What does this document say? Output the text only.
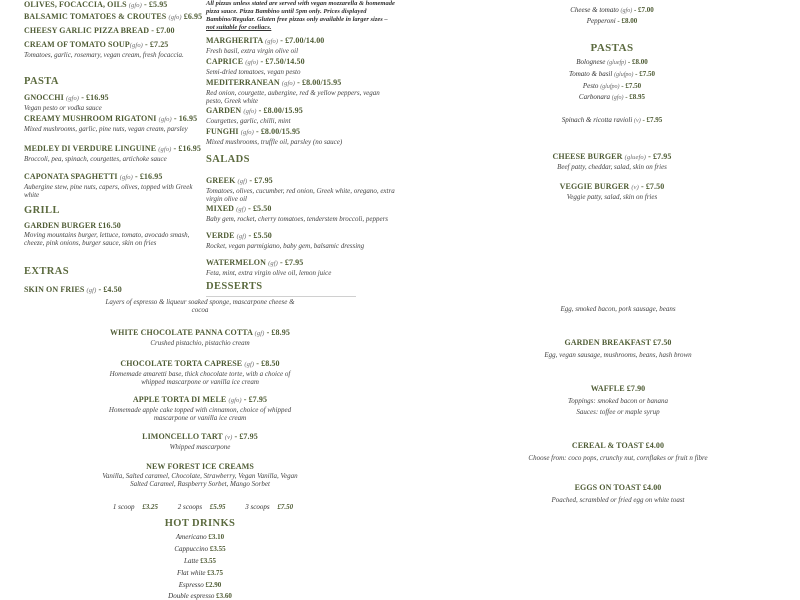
OLIVES, FOCACCIA, OILS (gfo) - £5.95
BALSAMIC TOMATOES & CROUTES (gfo) £6.95
CHEESY GARLIC PIZZA BREAD - £7.00
CREAM OF TOMATO SOUP(gfo) - £7.25
Tomatoes, garlic, rosemary, vegan cream, fresh focaccia.
PASTA
GNOCCHI (gfo) - £16.95
Vegan pesto or vodka sauce
CREAMY MUSHROOM RIGATONI (gfo) - 16.95
Mixed mushrooms, garlic, pine nuts, vegan cream, parsley
MEDLEY DI VERDURE LINGUINE (gfo) - £16.95
Broccoli, pea, spinach, courgettes, artichoke sauce
CAPONATA SPAGHETTI (gfo) - £16.95
Aubergine stew, pine nuts, capers, olives, topped with Greek white
GRILL
GARDEN BURGER £16.50
Moving mountains burger, lettuce, tomato, avocado smash, cheeze, pink onions, burger sauce, skin on fries
EXTRAS
SKIN ON FRIES (gf) - £4.50
All pizzas unless stated are served with vegan mozzarella & homemade pizza sauce. Pizza Bambino until 5pm only. Prices displayed Bambino/Regular. Gluten free pizzas only available in larger sizes –
not suitable for coeliacs.
MARGHERITA (gfo) - £7.00/14.00
Fresh basil, extra virgin olive oil
CAPRICE (gfo) - £7.50/14.50
Semi-dried tomatoes, vegan pesto
MEDITERRANEAN (gfo) - £8.00/15.95
Red onion, courgette, aubergine, red & yellow peppers, vegan pesto, Greek white
GARDEN (gfo) - £8.00/15.95
Courgettes, garlic, chilli, mint
FUNGHI (gfo) - £8.00/15.95
Mixed mushrooms, truffle oil, parsley (no sauce)
SALADS
GREEK (gf) - £7.95
Tomatoes, olives, cucumber, red onion, Greek white, oregano, extra virgin olive oil
MIXED (gf) - £5.50
Baby gem, rocket, cherry tomatoes, tenderstem broccoli, peppers
VERDE (gf) - £5.50
Rocket, vegan parmigiano, baby gem, balsamic dressing
WATERMELON (gf) - £7.95
Feta, mint, extra virgin olive oil, lemon juice
DESSERTS
Cheese & tomato (gfo) - £7.00
Pepperoni - £8.00
PASTAS
Bolognese (gluefp) - £8.00
Tomato & basil (glufpo) - £7.50
Pesto (glufpo) - £7.50
Carbonara (gfo) - £8.95
Spinach & ricotta ravioli (v) - £7.95
CHEESE BURGER (gluefo) - £7.95
Beef patty, cheddar, salad, skin on fries
VEGGIE BURGER (v) - £7.50
Veggie patty, salad, skin on fries
Layers of espresso & liqueur soaked sponge, mascarpone cheese & cocoa
WHITE CHOCOLATE PANNA COTTA (gf) - £8.95
Crushed pistachio, pistachio cream
CHOCOLATE TORTA CAPRESE (gf) - £8.50
Homemade amaretti base, thick chocolate torte, with a choice of whipped mascarpone or vanilla ice cream
APPLE TORTA DI MELE (gfo) - £7.95
Homemade apple cake topped with cinnamon, choice of whipped mascarpone or vanilla ice cream
LIMONCELLO TART (v) - £7.95
Whipped mascarpone
NEW FOREST ICE CREAMS
Vanilla, Salted caramel, Chocolate, Strawberry, Vegan Vanilla, Vegan Salted Caramel, Raspberry Sorbet, Mango Sorbet
1 scoop £3.25	2 scoops £5.95	3 scoops £7.50
HOT DRINKS
Americano £3.10
Cappuccino £3.55
Latte £3.55
Flat white £3.75
Espresso £2.90
Double espresso £3.60
Egg, smoked bacon, pork sausage, beans
GARDEN BREAKFAST £7.50
Egg, vegan sausage, mushrooms, beans, hash brown
WAFFLE £7.90
Toppings: smoked bacon or banana
Sauces: toffee or maple syrup
CEREAL & TOAST £4.00
Choose from: coco pops, crunchy nut, cornflakes or fruit n fibre
EGGS ON TOAST £4.00
Poached, scrambled or fried egg on white toast
